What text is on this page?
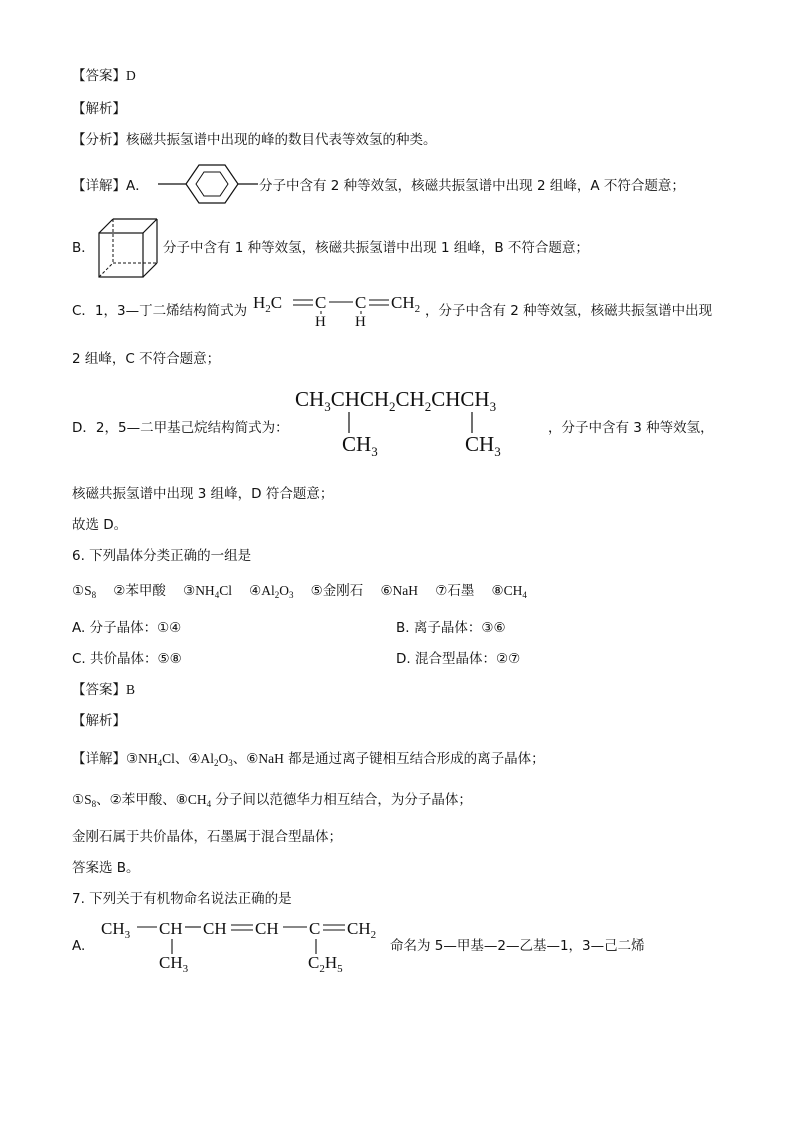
【答案】D
【解析】
【分析】核磁共振氢谱中出现的峰的数目代表等效氢的种类。
【详解】A．	分子中含有 2 种等效氢，核磁共振氢谱中出现 2 组峰，A 不符合题意；
B．	分子中含有 1 种等效氢，核磁共振氢谱中出现 1 组峰，B 不符合题意；
C．1，3—丁二烯结构简式为 $H_2C$ C
H
C
H
$CH_2$ ，分子中含有 2 种等效氢，核磁共振氢谱中出现
2 组峰，C 不符合题意；
D．2，5—二甲基己烷结构简式为：
$CH_3CHCH_2CH_2CHCH_3$
$CH_3$	$CH_3$
，分子中含有 3 种等效氢，
核磁共振氢谱中出现 3 组峰，D 符合题意；
故选 D。
6. 下列晶体分类正确的一组是
$①S_8$ ②苯甲酸 $③NH_4Cl$ $④Al_2O_3$ ⑤金刚石 ⑥NaH ⑦石墨 $⑧CH_4$
A. 分子晶体：①④	B. 离子晶体：③⑥
C. 共价晶体：⑤⑧	D. 混合型晶体：②⑦
【答案】B
【解析】
【详解】$③NH_4Cl$、$④Al_2O_3$、⑥NaH 都是通过离子键相互结合形成的离子晶体；
$①S_8$、②苯甲酸、$⑧CH_4$ 分子间以范德华力相互结合，为分子晶体；
金刚石属于共价晶体，石墨属于混合型晶体；
答案选 B。
7. 下列关于有机物命名说法正确的是
A.
$CH_3$ CH
$CH_3$
CH CH C
$C_2H_5$
$CH_2$
命名为 5—甲基—2—乙基—1，3—己二烯
